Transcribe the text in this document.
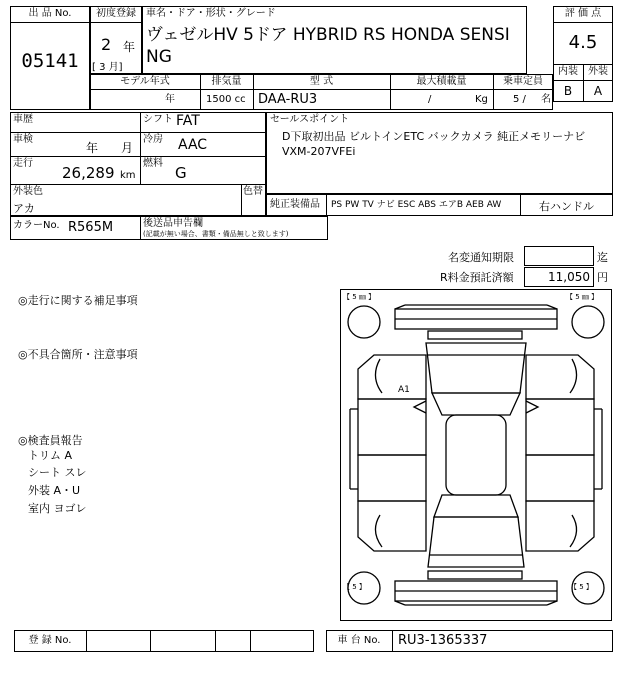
出 品 No.
05141
初度登録
2 年
[ 3 月]
車名・ドア・形状・グレード
ヴェゼルHV 5ドア HYBRID RS HONDA SENSING
評 価 点
4.5
内装	外装
B	A
モデル年式	排気量	型 式	最大積載量	乗車定員
年	1500 cc DAA-RU3	/	Kg	5 / 名
車歴	シフト FAT
車検
年 月
冷房 AAC
走行
26,289 km
燃料
G
外装色
アカ
色替
カラーNo. R565M	後送品申告欄
(記載が無い場合、書類・備品無しと致します)
セールスポイント
D下取初出品 ビルトインETC バックカメラ 純正メモリーナビ
VXM-207VFEi
純正装備品 PS PW TV ナビ ESC ABS エアB AEB AW	右ハンドル
名変通知期限	迄
R料金預託済額	11,050 円
◎走行に関する補足事項
◎不具合箇所・注意事項
◎検査員報告
トリム A
シート スレ
外装 A・U
室内 ヨゴレ
【 5 ㎜ 】	【 5 ㎜ 】
【 5 】	【 5 】
A1
登 録 No.	車 台 No.	RU3-1365337
